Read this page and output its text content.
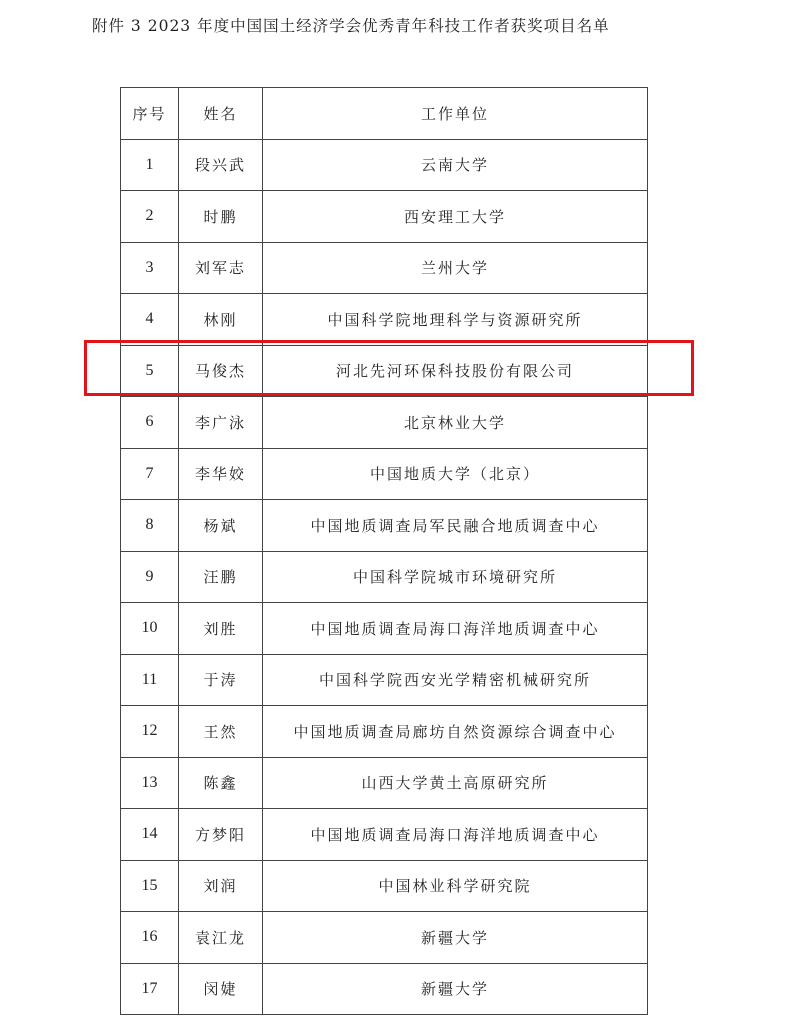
附件 3 2023 年度中国国土经济学会优秀青年科技工作者获奖项目名单
序号	姓名	工作单位
1	段兴武	云南大学
2	时鹏	西安理工大学
3	刘军志	兰州大学
4	林刚	中国科学院地理科学与资源研究所
5	马俊杰	河北先河环保科技股份有限公司
6	李广泳	北京林业大学
7	李华姣	中国地质大学（北京）
8	杨斌	中国地质调查局军民融合地质调查中心
9	汪鹏	中国科学院城市环境研究所
10	刘胜	中国地质调查局海口海洋地质调查中心
11	于涛	中国科学院西安光学精密机械研究所
12	王然	中国地质调查局廊坊自然资源综合调查中心
13	陈鑫	山西大学黄土高原研究所
14	方梦阳	中国地质调查局海口海洋地质调查中心
15	刘润	中国林业科学研究院
16	袁江龙	新疆大学
17	闵婕	新疆大学
